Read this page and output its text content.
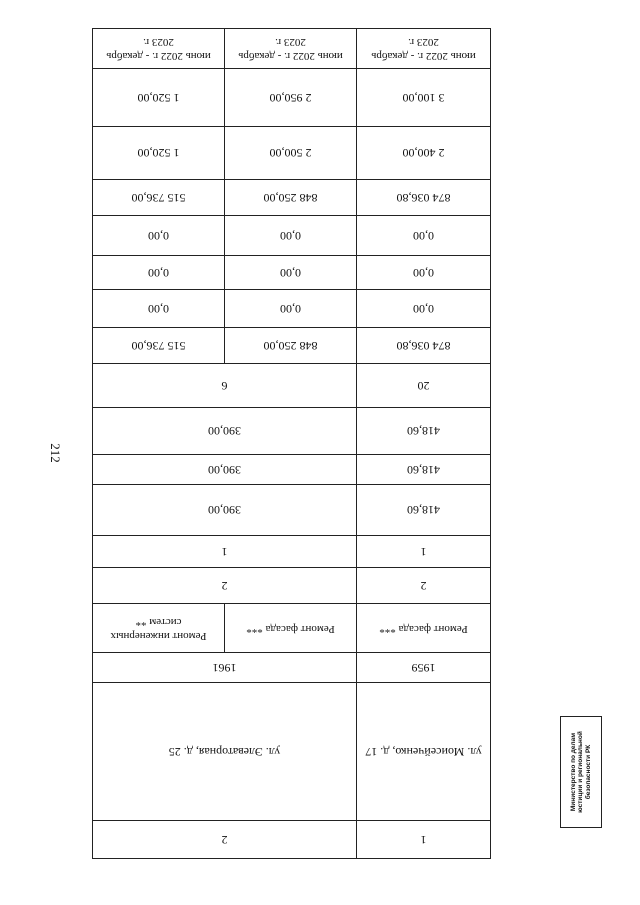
212
1	2	
ул. Моисейченко, д. 17	ул. Элеваторная, д. 25	
1959	1961	
Ремонт фасада ***	Ремонт фасада ***	Ремонт инженерных систем **
2	2	
1	1	
418,60	390,00	
418,60	390,00	
418,60	390,00	
20	6	
874 036,80	848 250,00	515 736,00
0,00	0,00	0,00
0,00	0,00	0,00
0,00	0,00	0,00
874 036,80	848 250,00	515 736,00
2 400,00	2 500,00	1 520,00
3 100,00	2 950,00	1 520,00
июнь 2022 г. - декабрь 2023 г.	июнь 2022 г. - декабрь 2023 г.	июнь 2022 г. - декабрь 2023 г.
Министерство по делам юстиции и региональной безопасности РК
